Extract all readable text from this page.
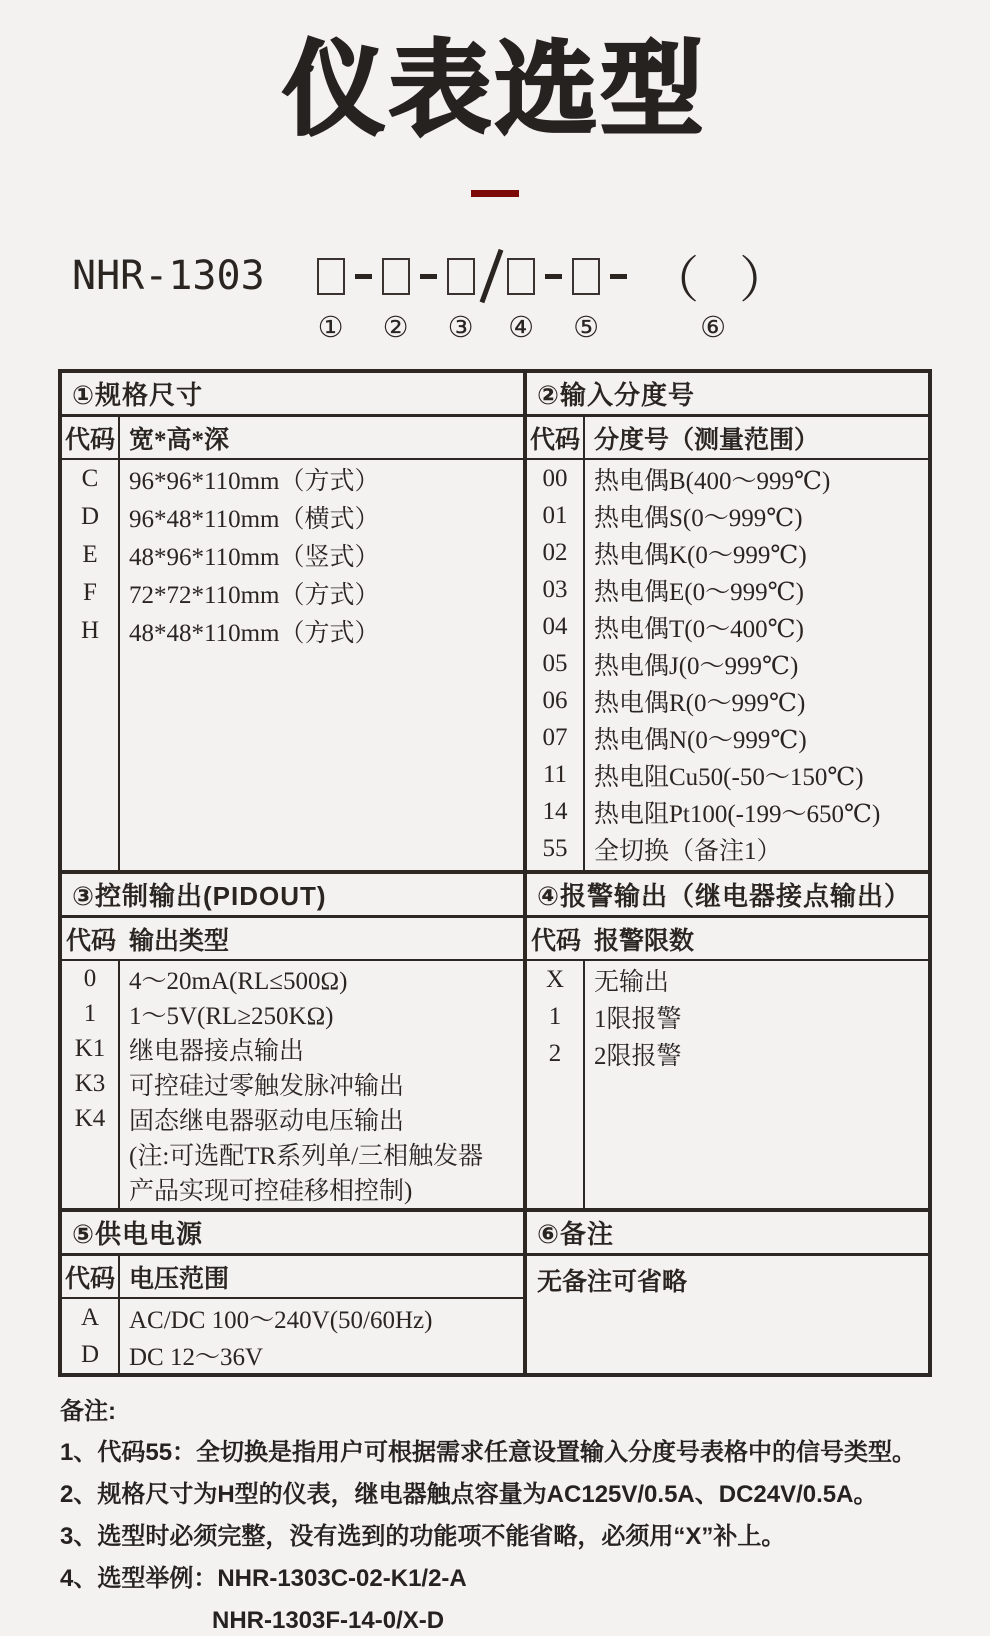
仪表选型
NHR-1303
① ② ③ ④ ⑤
（ ）
⑥
①规格尺寸
代码 宽*高*深
C
D
E
F
H
96*96*110mm（方式）
96*48*110mm（横式）
48*96*110mm（竖式）
72*72*110mm（方式）
48*48*110mm（方式）
②输入分度号
代码 分度号（测量范围）
00
01
02
03
04
05
06
07
11
14
55
热电偶B(400～999℃)
热电偶S(0～999℃)
热电偶K(0～999℃)
热电偶E(0～999℃)
热电偶T(0～400℃)
热电偶J(0～999℃)
热电偶R(0～999℃)
热电偶N(0～999℃)
热电阻Cu50(-50～150℃)
热电阻Pt100(-199～650℃)
全切换（备注1）
③控制输出(PIDOUT)
代码 输出类型
0
1
K1
K3
K4
4～20mA(RL≤500Ω)
1～5V(RL≥250KΩ)
继电器接点输出
可控硅过零触发脉冲输出
固态继电器驱动电压输出
(注:可选配TR系列单/三相触发器
产品实现可控硅移相控制)
④报警输出（继电器接点输出）
代码 报警限数
X
1
2
无输出
1限报警
2限报警
⑤供电电源
代码 电压范围
A
D
AC/DC 100～240V(50/60Hz)
DC 12～36V
⑥备注
无备注可省略
备注:
1、代码55：全切换是指用户可根据需求任意设置输入分度号表格中的信号类型。
2、规格尺寸为H型的仪表，继电器触点容量为AC125V/0.5A、DC24V/0.5A。
3、选型时必须完整，没有选到的功能项不能省略，必须用“X”补上。
4、选型举例：NHR-1303C-02-K1/2-A
NHR-1303F-14-0/X-D
